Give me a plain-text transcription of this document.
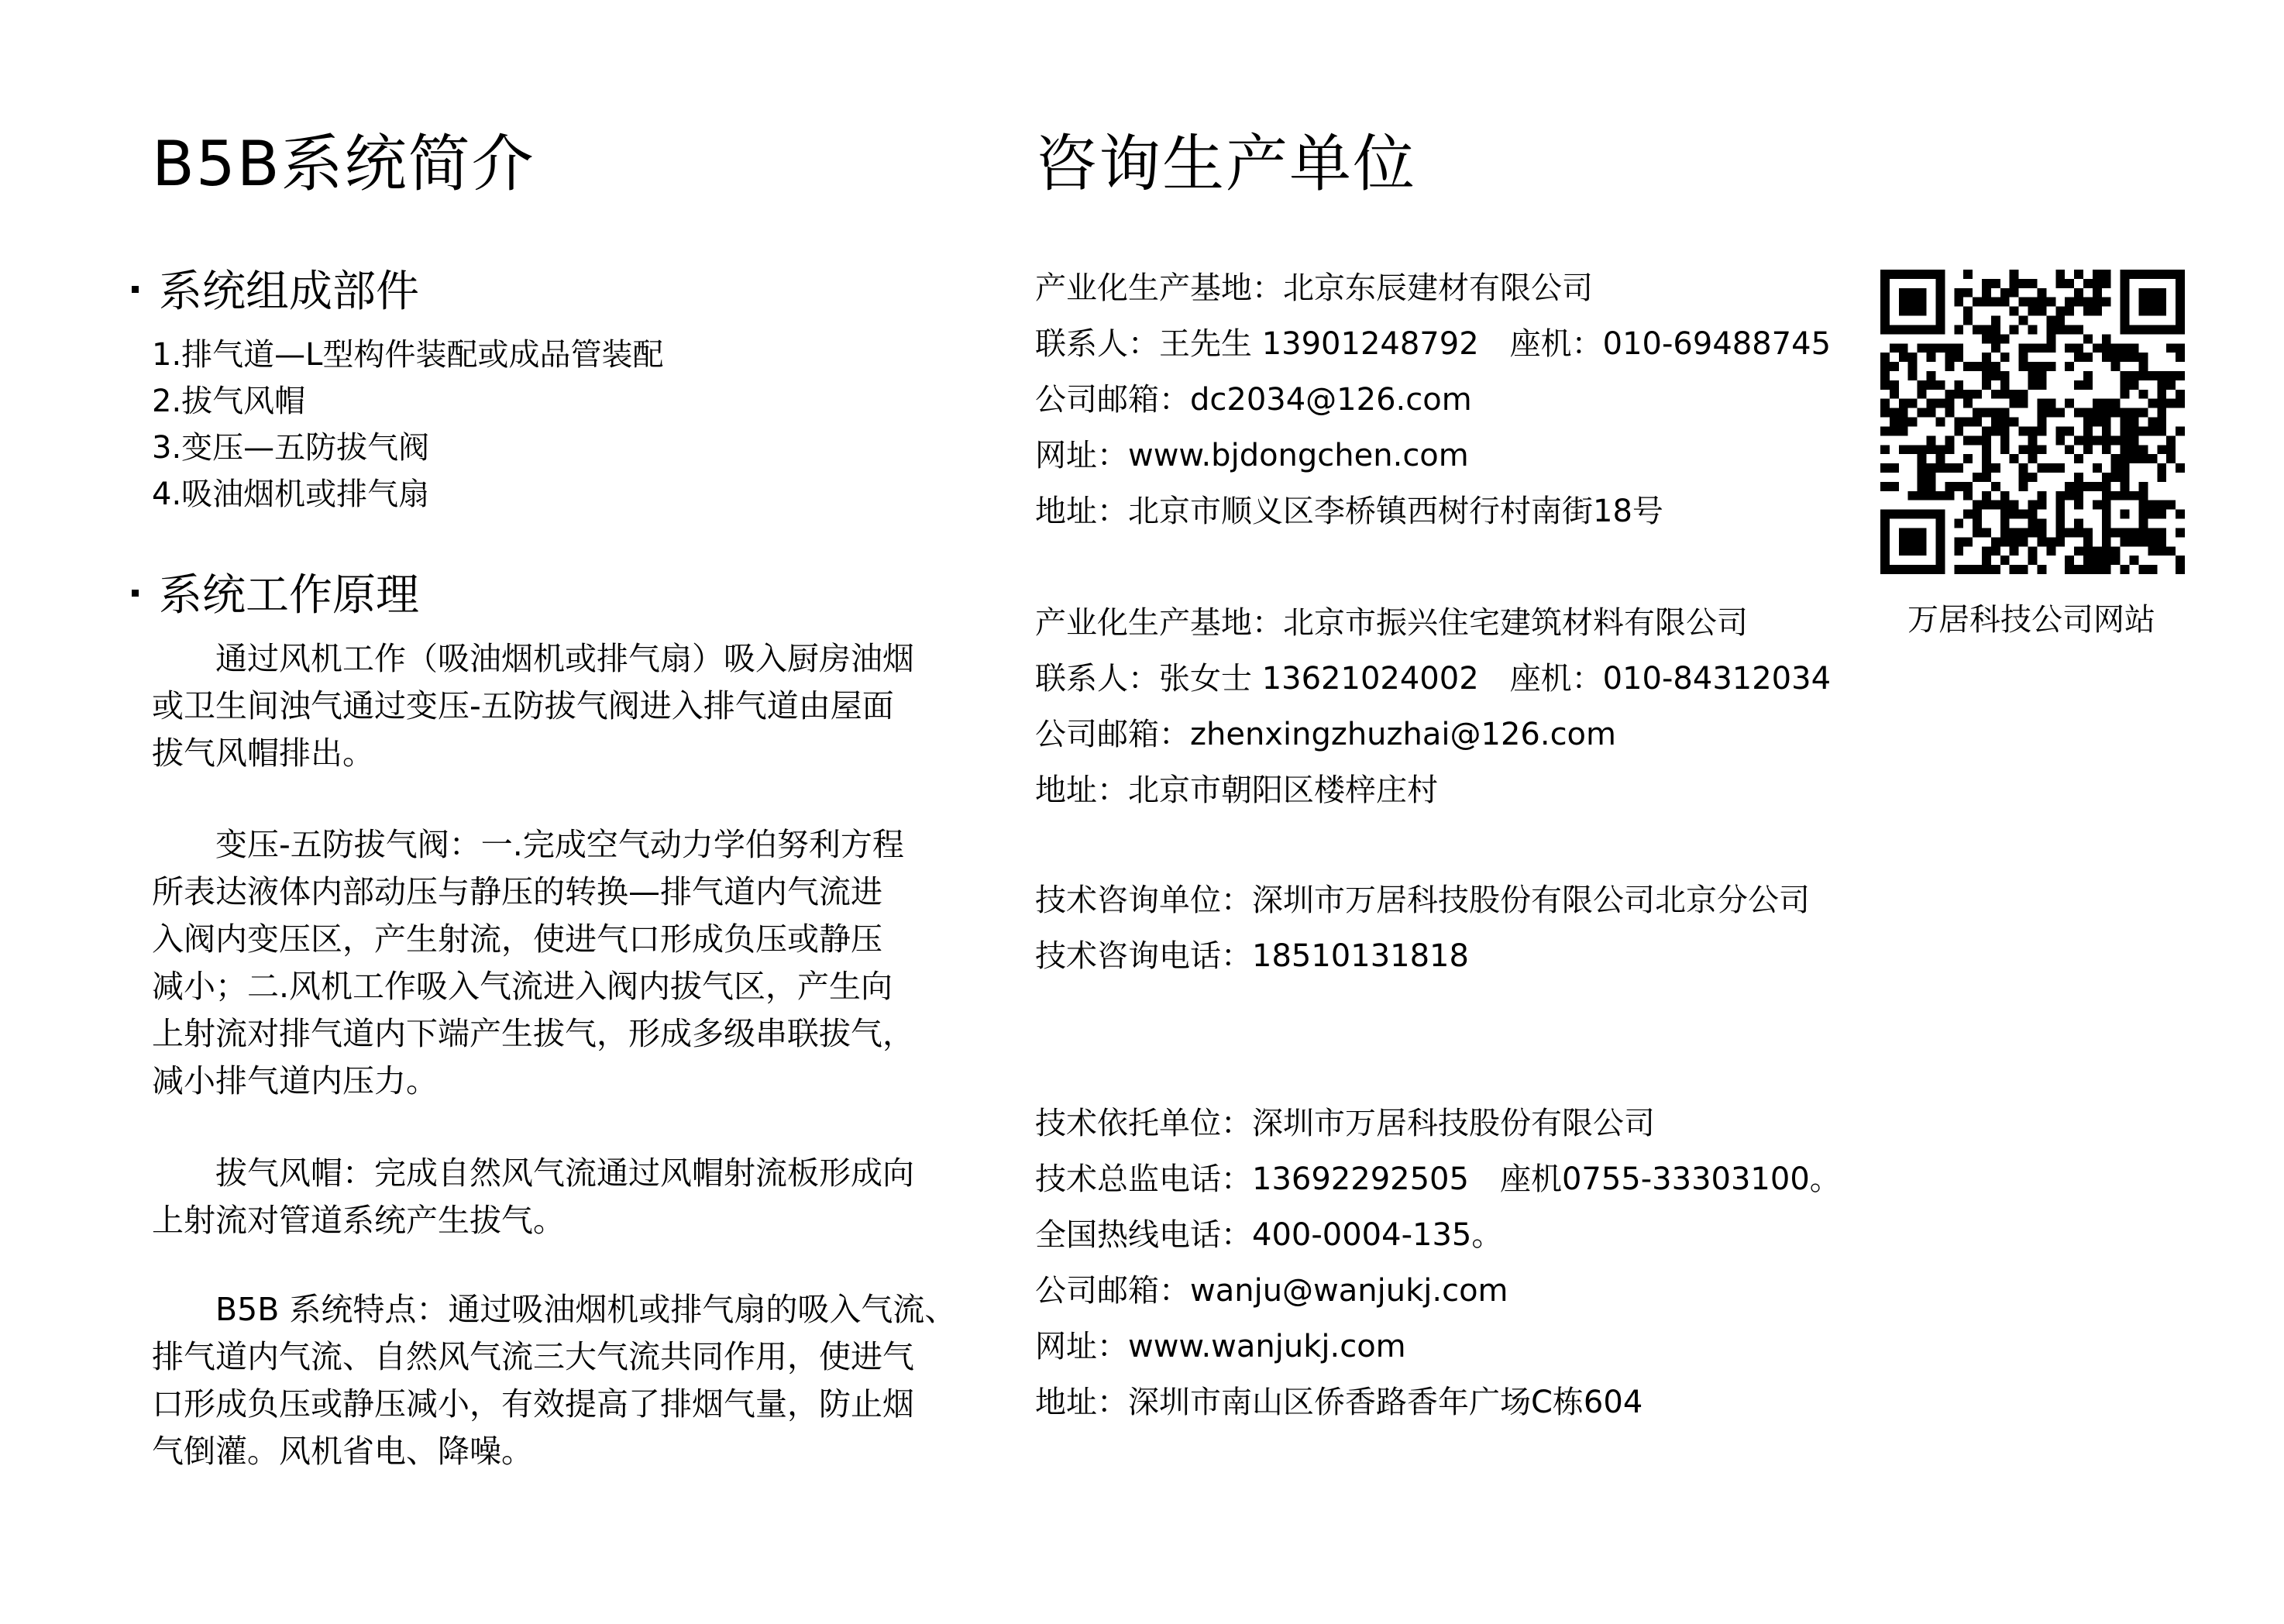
B5B系统简介
系统组成部件
1.排气道—L型构件装配或成品管装配
2.拔气风帽
3.变压—五防拔气阀
4.吸油烟机或排气扇
系统工作原理
　　通过风机工作（吸油烟机或排气扇）吸入厨房油烟
或卫生间浊气通过变压-五防拔气阀进入排气道由屋面
拔气风帽排出。
　　变压-五防拔气阀：一.完成空气动力学伯努利方程
所表达液体内部动压与静压的转换—排气道内气流进
入阀内变压区，产生射流，使进气口形成负压或静压
减小；二.风机工作吸入气流进入阀内拔气区，产生向
上射流对排气道内下端产生拔气，形成多级串联拔气，
减小排气道内压力。
　　拔气风帽：完成自然风气流通过风帽射流板形成向
上射流对管道系统产生拔气。
　　B5B 系统特点：通过吸油烟机或排气扇的吸入气流、
排气道内气流、自然风气流三大气流共同作用，使进气
口形成负压或静压减小，有效提高了排烟气量，防止烟
气倒灌。风机省电、降噪。
咨询生产单位
产业化生产基地：北京东辰建材有限公司
联系人：王先生 13901248792　座机：010-69488745
公司邮箱：dc2034@126.com
网址：www.bjdongchen.com
地址：北京市顺义区李桥镇西树行村南街18号
产业化生产基地：北京市振兴住宅建筑材料有限公司
联系人：张女士 13621024002　座机：010-84312034
公司邮箱：zhenxingzhuzhai@126.com
地址：北京市朝阳区楼梓庄村
技术咨询单位：深圳市万居科技股份有限公司北京分公司
技术咨询电话：18510131818
技术依托单位：深圳市万居科技股份有限公司
技术总监电话：13692292505　座机0755-33303100。
全国热线电话：400-0004-135。
公司邮箱：wanju@wanjukj.com
网址：www.wanjukj.com
地址：深圳市南山区侨香路香年广场C栋604
万居科技公司网站
